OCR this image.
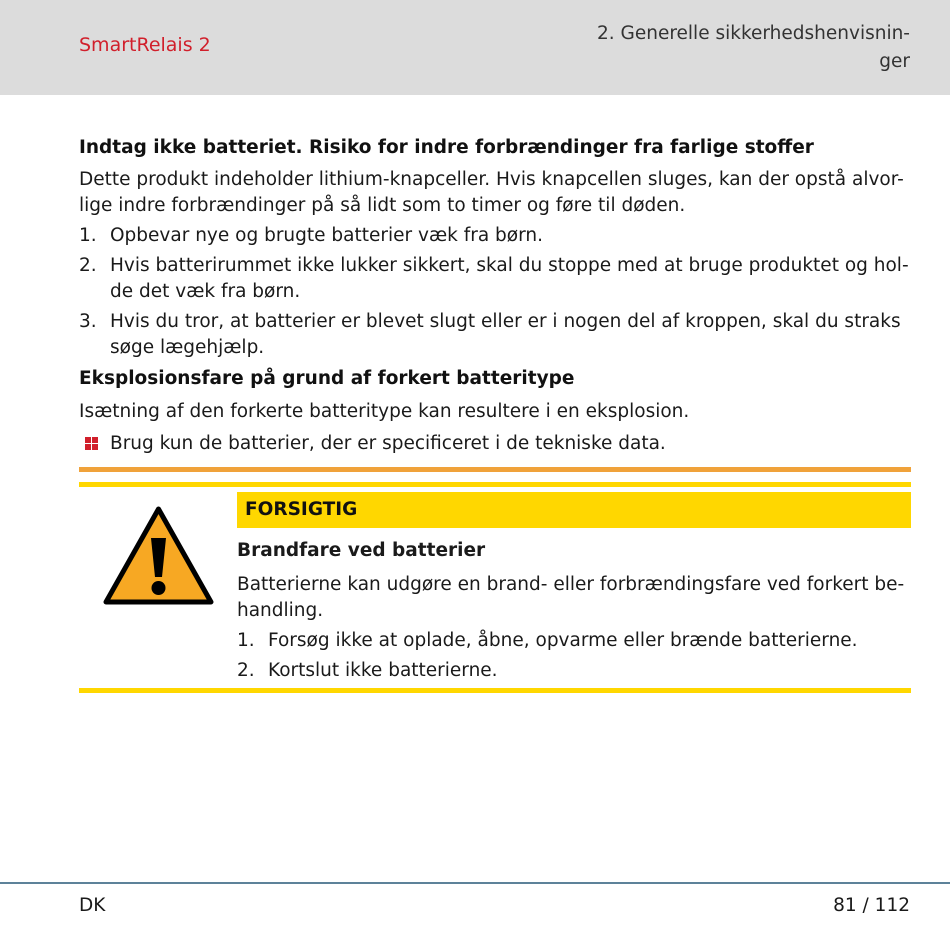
SmartRelais 2
2. Generelle sikkerhedshenvisnin-
ger
Indtag ikke batteriet. Risiko for indre forbrændinger fra farlige stoffer

Dette produkt indeholder lithium-knapceller. Hvis knapcellen sluges, kan der opstå alvor-lige indre forbrændinger på så lidt som to timer og føre til døden.

1. Opbevar nye og brugte batterier væk fra børn.
2. Hvis batterirummet ikke lukker sikkert, skal du stoppe med at bruge produktet og hol-de det væk fra børn.
3. Hvis du tror, at batterier er blevet slugt eller er i nogen del af kroppen, skal du straks søge lægehjælp.
Eksplosionsfare på grund af forkert batteritype

Isætning af den forkerte batteritype kan resultere i en eksplosion.

Brug kun de batterier, der er specificeret i de tekniske data.
FORSIGTIG
Brandfare ved batterier

Batterierne kan udgøre en brand- eller forbrændingsfare ved forkert be-handling.

1. Forsøg ikke at oplade, åbne, opvarme eller brænde batterierne.
2. Kortslut ikke batterierne.
DK	81 / 112
